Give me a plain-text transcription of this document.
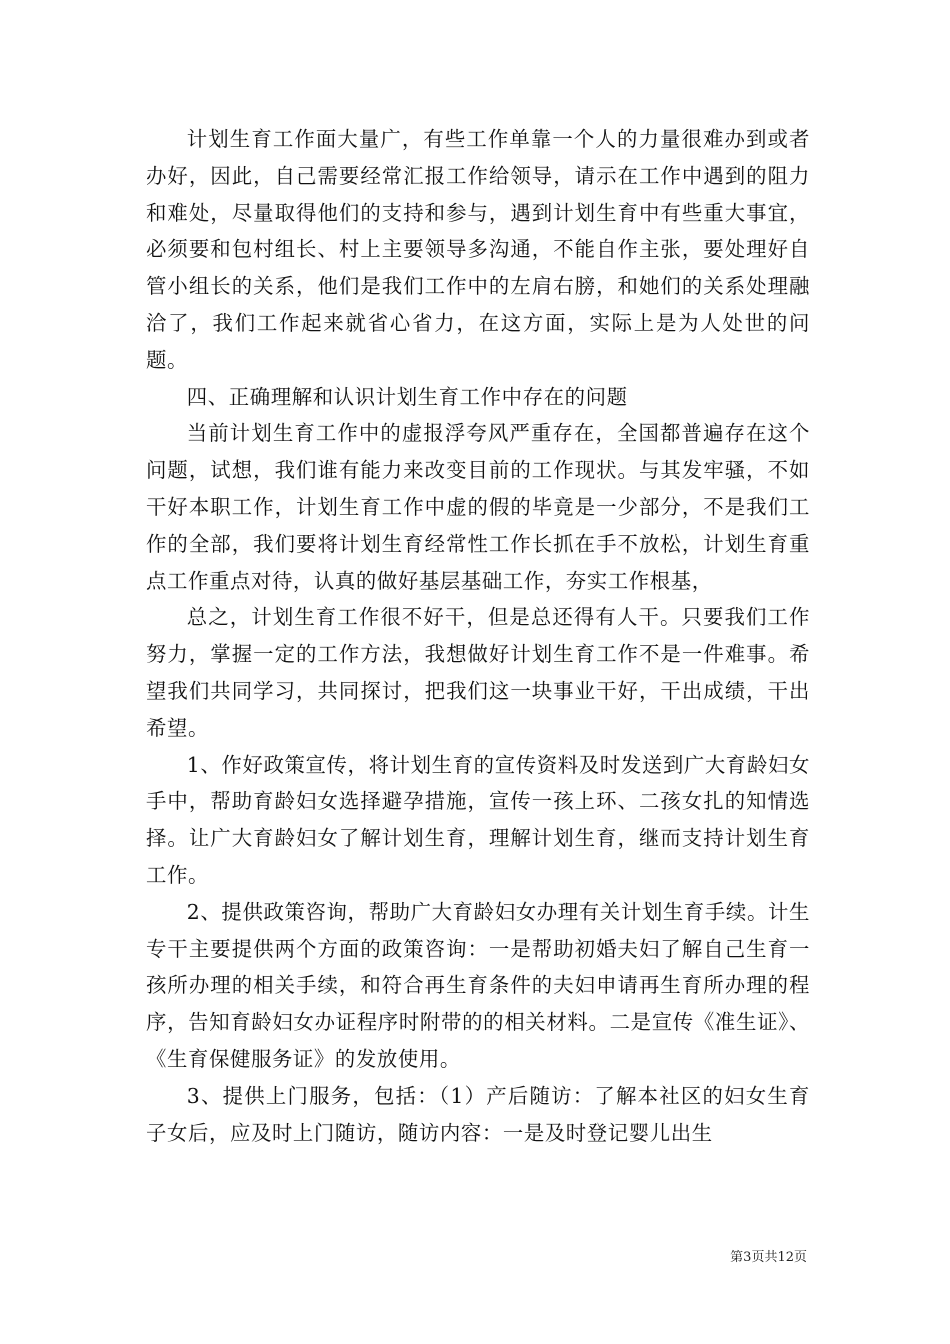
计划生育工作面大量广，有些工作单靠一个人的力量很难办到或者办好，因此，自己需要经常汇报工作给领导，请示在工作中遇到的阻力和难处，尽量取得他们的支持和参与，遇到计划生育中有些重大事宜，必须要和包村组长、村上主要领导多沟通，不能自作主张，要处理好自管小组长的关系，他们是我们工作中的左肩右膀，和她们的关系处理融洽了，我们工作起来就省心省力，在这方面，实际上是为人处世的问题。

四、正确理解和认识计划生育工作中存在的问题

当前计划生育工作中的虚报浮夸风严重存在，全国都普遍存在这个问题，试想，我们谁有能力来改变目前的工作现状。与其发牢骚，不如干好本职工作，计划生育工作中虚的假的毕竟是一少部分，不是我们工作的全部，我们要将计划生育经常性工作长抓在手不放松，计划生育重点工作重点对待，认真的做好基层基础工作，夯实工作根基，

总之，计划生育工作很不好干，但是总还得有人干。只要我们工作努力，掌握一定的工作方法，我想做好计划生育工作不是一件难事。希望我们共同学习，共同探讨，把我们这一块事业干好，干出成绩，干出希望。

1、作好政策宣传，将计划生育的宣传资料及时发送到广大育龄妇女手中，帮助育龄妇女选择避孕措施，宣传一孩上环、二孩女扎的知情选择。让广大育龄妇女了解计划生育，理解计划生育，继而支持计划生育工作。

2、提供政策咨询，帮助广大育龄妇女办理有关计划生育手续。计生专干主要提供两个方面的政策咨询：一是帮助初婚夫妇了解自己生育一孩所办理的相关手续，和符合再生育条件的夫妇申请再生育所办理的程序，告知育龄妇女办证程序时附带的的相关材料。二是宣传《准生证》、《生育保健服务证》的发放使用。

3、提供上门服务，包括：（1）产后随访：了解本社区的妇女生育子女后，应及时上门随访，随访内容：一是及时登记婴儿出生

第3页共12页
